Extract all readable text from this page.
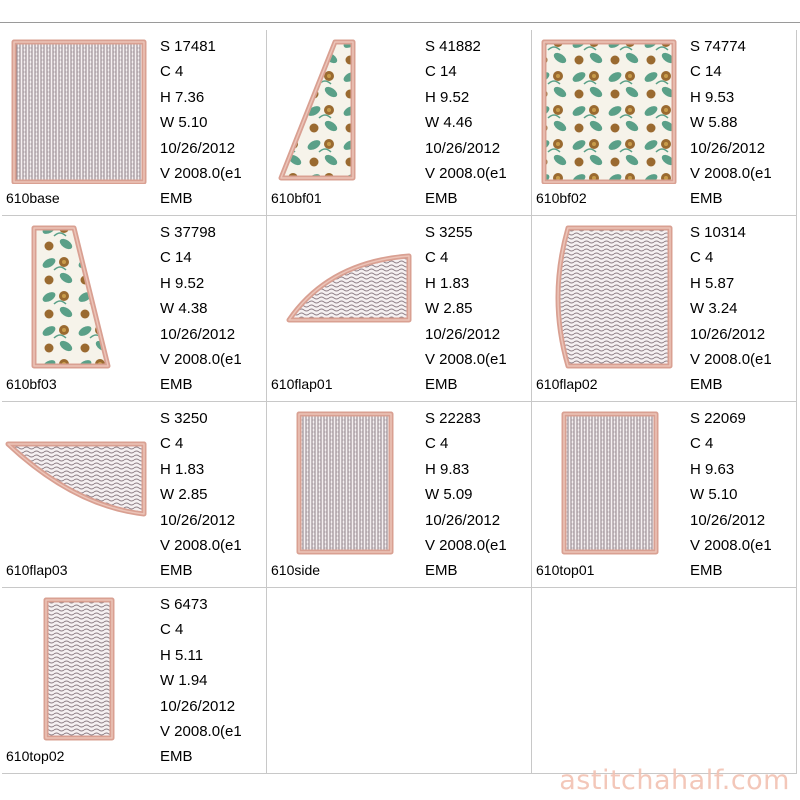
610base
S 17481
C 4
H 7.36
W 5.10
10/26/2012
V 2008.0(e1
EMB	610bf01
S 41882
C 14
H 9.52
W 4.46
10/26/2012
V 2008.0(e1
EMB	610bf02
S 74774
C 14
H 9.53
W 5.88
10/26/2012
V 2008.0(e1
EMB
610bf03
S 37798
C 14
H 9.52
W 4.38
10/26/2012
V 2008.0(e1
EMB	610flap01
S 3255
C 4
H 1.83
W 2.85
10/26/2012
V 2008.0(e1
EMB	610flap02
S 10314
C 4
H 5.87
W 3.24
10/26/2012
V 2008.0(e1
EMB
610flap03
S 3250
C 4
H 1.83
W 2.85
10/26/2012
V 2008.0(e1
EMB	610side
S 22283
C 4
H 9.83
W 5.09
10/26/2012
V 2008.0(e1
EMB	610top01
S 22069
C 4
H 9.63
W 5.10
10/26/2012
V 2008.0(e1
EMB
610top02
S 6473
C 4
H 5.11
W 1.94
10/26/2012
V 2008.0(e1
EMB
astitchahalf.com
